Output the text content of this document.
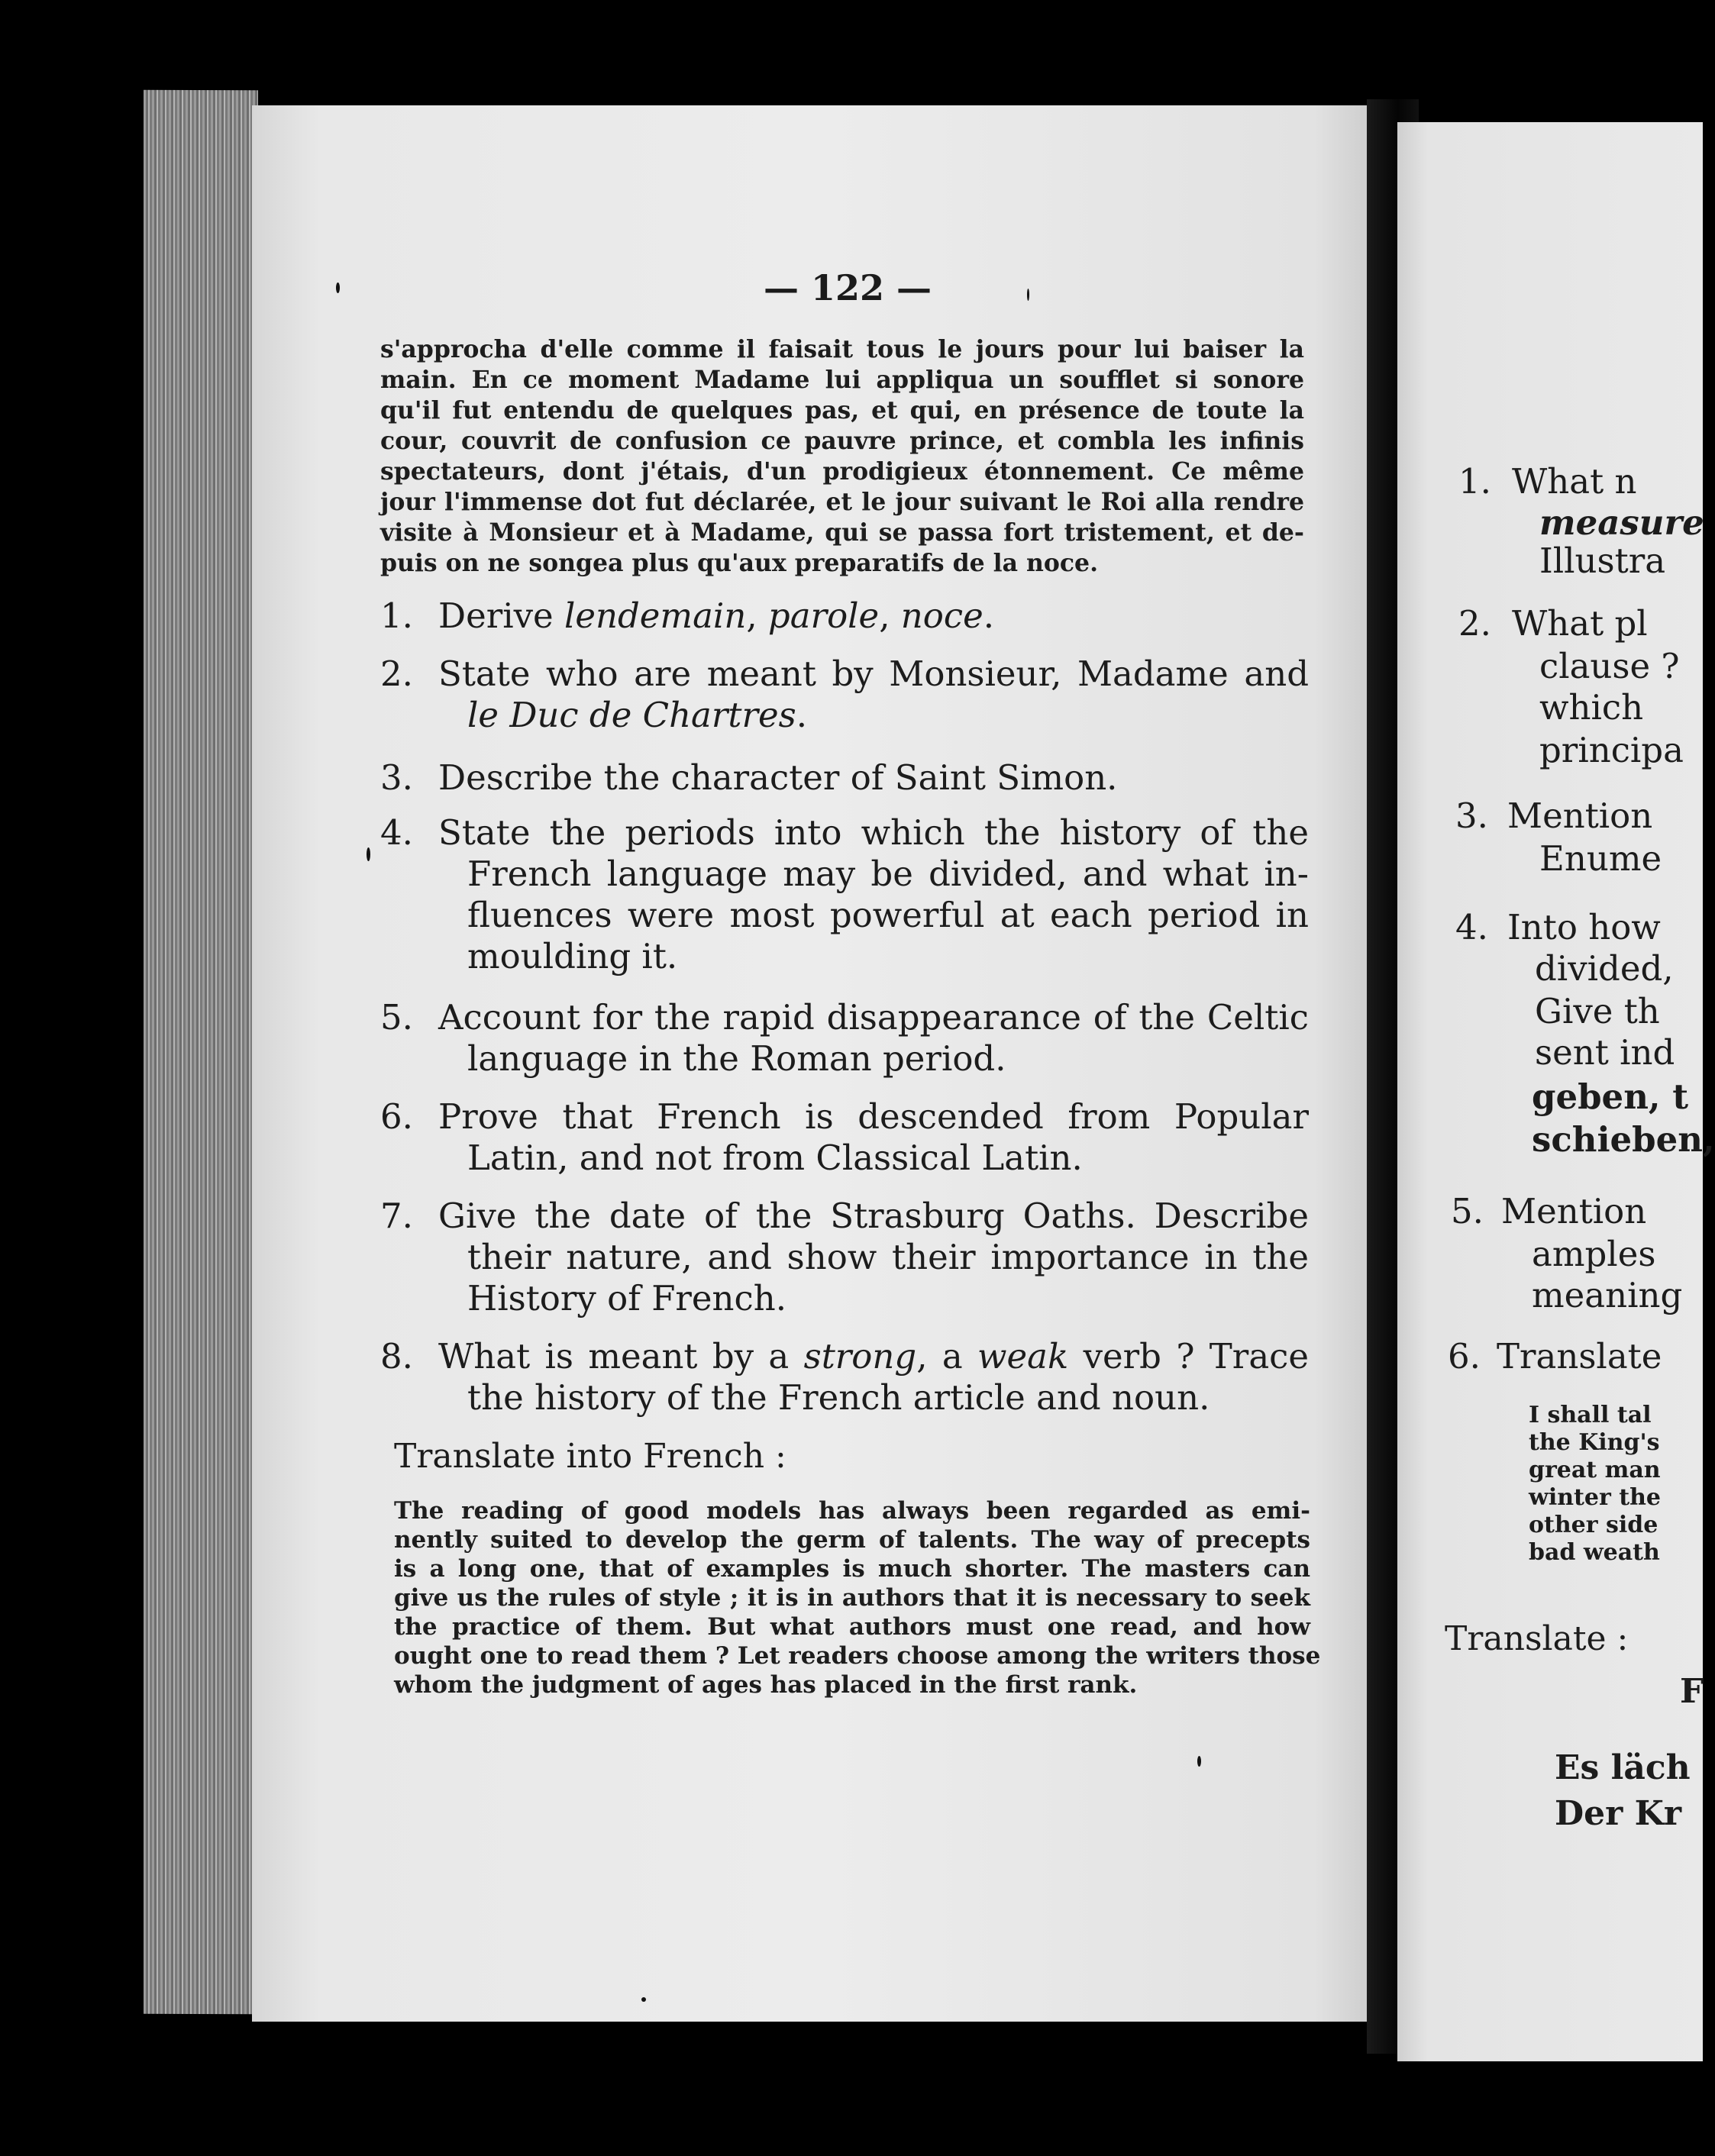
— 122 —
s'approcha d'elle comme il faisait tous le jours pour lui baiser la
main. En ce moment Madame lui appliqua un soufflet si sonore
qu'il fut entendu de quelques pas, et qui, en présence de toute la
cour, couvrit de confusion ce pauvre prince, et combla les infinis
spectateurs, dont j'étais, d'un prodigieux étonnement. Ce même
jour l'immense dot fut déclarée, et le jour suivant le Roi alla rendre
visite à Monsieur et à Madame, qui se passa fort tristement, et de-
puis on ne songea plus qu'aux preparatifs de la noce.
1. Derive lendemain, parole, noce.
2. State who are meant by Monsieur, Madame and
le Duc de Chartres.
3. Describe the character of Saint Simon.
4. State the periods into which the history of the
French language may be divided, and what in-
fluences were most powerful at each period in
moulding it.
5. Account for the rapid disappearance of the Celtic
language in the Roman period.
6. Prove that French is descended from Popular
Latin, and not from Classical Latin.
7. Give the date of the Strasburg Oaths. Describe
their nature, and show their importance in the
History of French.
8. What is meant by a strong, a weak verb ? Trace
the history of the French article and noun.
Translate into French :
The reading of good models has always been regarded as emi-
nently suited to develop the germ of talents. The way of precepts
is a long one, that of examples is much shorter. The masters can
give us the rules of style ; it is in authors that it is necessary to seek
the practice of them. But what authors must one read, and how
ought one to read them ? Let readers choose among the writers those
whom the judgment of ages has placed in the first rank.
1. What n
measure
Illustra
2. What pl
clause ?
which
principa
3. Mention
Enume
4. Into how
divided,
Give th
sent ind
geben, t
schieben,
5. Mention
amples
meaning
6. Translate
I shall tal
the King's
great man
winter the
other side
bad weath
Translate :
F
Es läch
Der Kr
